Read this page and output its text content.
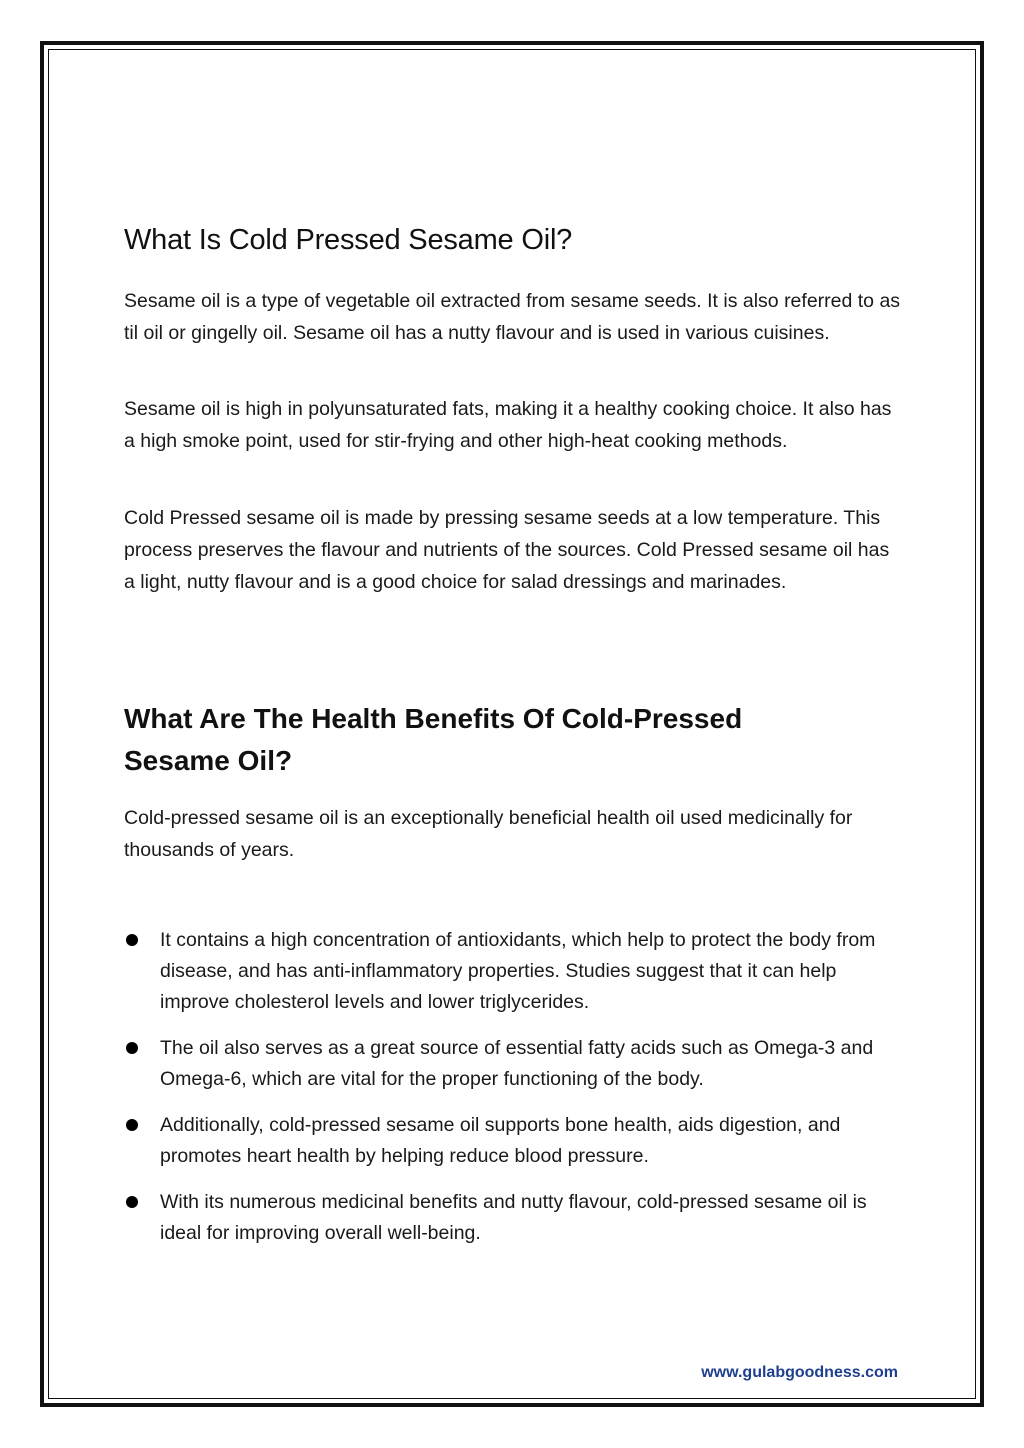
What Is Cold Pressed Sesame Oil?

Sesame oil is a type of vegetable oil extracted from sesame seeds. It is also referred to as til oil or gingelly oil. Sesame oil has a nutty flavour and is used in various cuisines.

Sesame oil is high in polyunsaturated fats, making it a healthy cooking choice. It also has a high smoke point, used for stir-frying and other high-heat cooking methods.

Cold Pressed sesame oil is made by pressing sesame seeds at a low temperature. This process preserves the flavour and nutrients of the sources. Cold Pressed sesame oil has a light, nutty flavour and is a good choice for salad dressings and marinades.

What Are The Health Benefits Of Cold-Pressed Sesame Oil?

Cold-pressed sesame oil is an exceptionally beneficial health oil used medicinally for thousands of years.

It contains a high concentration of antioxidants, which help to protect the body from disease, and has anti-inflammatory properties. Studies suggest that it can help improve cholesterol levels and lower triglycerides.
The oil also serves as a great source of essential fatty acids such as Omega-3 and Omega-6, which are vital for the proper functioning of the body.
Additionally, cold-pressed sesame oil supports bone health, aids digestion, and promotes heart health by helping reduce blood pressure.
With its numerous medicinal benefits and nutty flavour, cold-pressed sesame oil is ideal for improving overall well-being.
www.gulabgoodness.com
